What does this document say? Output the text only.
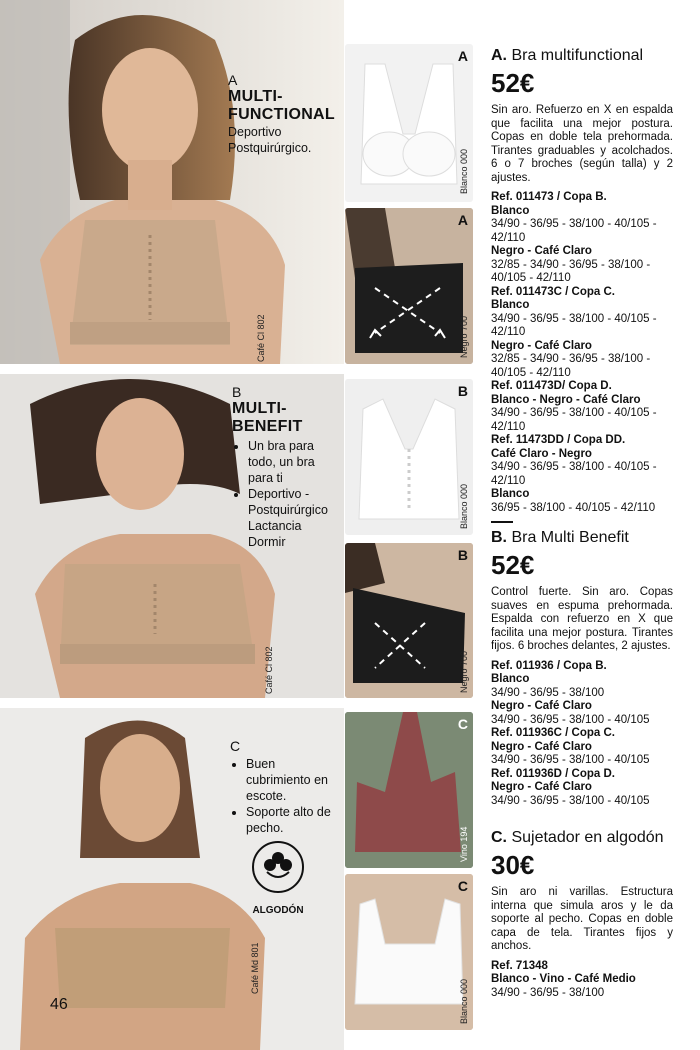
Café Cl 802
A
MULTI-
FUNCTIONAL
Deportivo
Postquirúrgico.
A
Blanco 000
A
Negro 700
Café Cl 802
B
MULTI-
BENEFIT
• Un bra para todo, un bra para ti
• Deportivo - Postquirúrgico Lactancia Dormir
B
Blanco 000
B
Negro 700
Café Md 801
C
• Buen cubrimiento en escote.
• Soporte alto de pecho.
ALGODÓN
C
Vino 194
C
Blanco 000
A. Bra multifunctional
52€
Sin aro. Refuerzo en X en espalda que facilita una mejor postura. Copas en doble tela prehormada. Tirantes graduables y acolchados. 6 o 7 broches (según talla) y 2 ajustes.
Ref. 011473 / Copa B.
Blanco
34/90 - 36/95 - 38/100 - 40/105 - 42/110
Negro - Café Claro
32/85 - 34/90 - 36/95 - 38/100 - 40/105 - 42/110
Ref. 011473C / Copa C.
Blanco
34/90 - 36/95 - 38/100 - 40/105 - 42/110
Negro - Café Claro
32/85 - 34/90 - 36/95 - 38/100 - 40/105 - 42/110
Ref. 011473D/ Copa D.
Blanco - Negro - Café Claro
34/90 - 36/95 - 38/100 - 40/105 - 42/110
Ref. 11473DD / Copa DD.
Café Claro - Negro
34/90 - 36/95 - 38/100 - 40/105 - 42/110
Blanco
36/95 - 38/100 - 40/105 - 42/110
B. Bra Multi Benefit
52€
Control fuerte. Sin aro. Copas suaves en espuma prehormada. Espalda con refuerzo en X que facilita una mejor postura. Tirantes fijos. 6 broches delantes, 2 ajustes.
Ref. 011936 / Copa B.
Blanco
34/90 - 36/95 - 38/100
Negro - Café Claro
34/90 - 36/95 - 38/100 - 40/105
Ref. 011936C / Copa C.
Negro - Café Claro
34/90 - 36/95 - 38/100 - 40/105
Ref. 011936D / Copa D.
Negro - Café Claro
34/90 - 36/95 - 38/100 - 40/105
C. Sujetador en algodón
30€
Sin aro ni varillas. Estructura interna que simula aros y le da soporte al pecho. Copas en doble capa de tela. Tirantes fijos y anchos.
Ref. 71348
Blanco - Vino - Café Medio
34/90 - 36/95 - 38/100
46
